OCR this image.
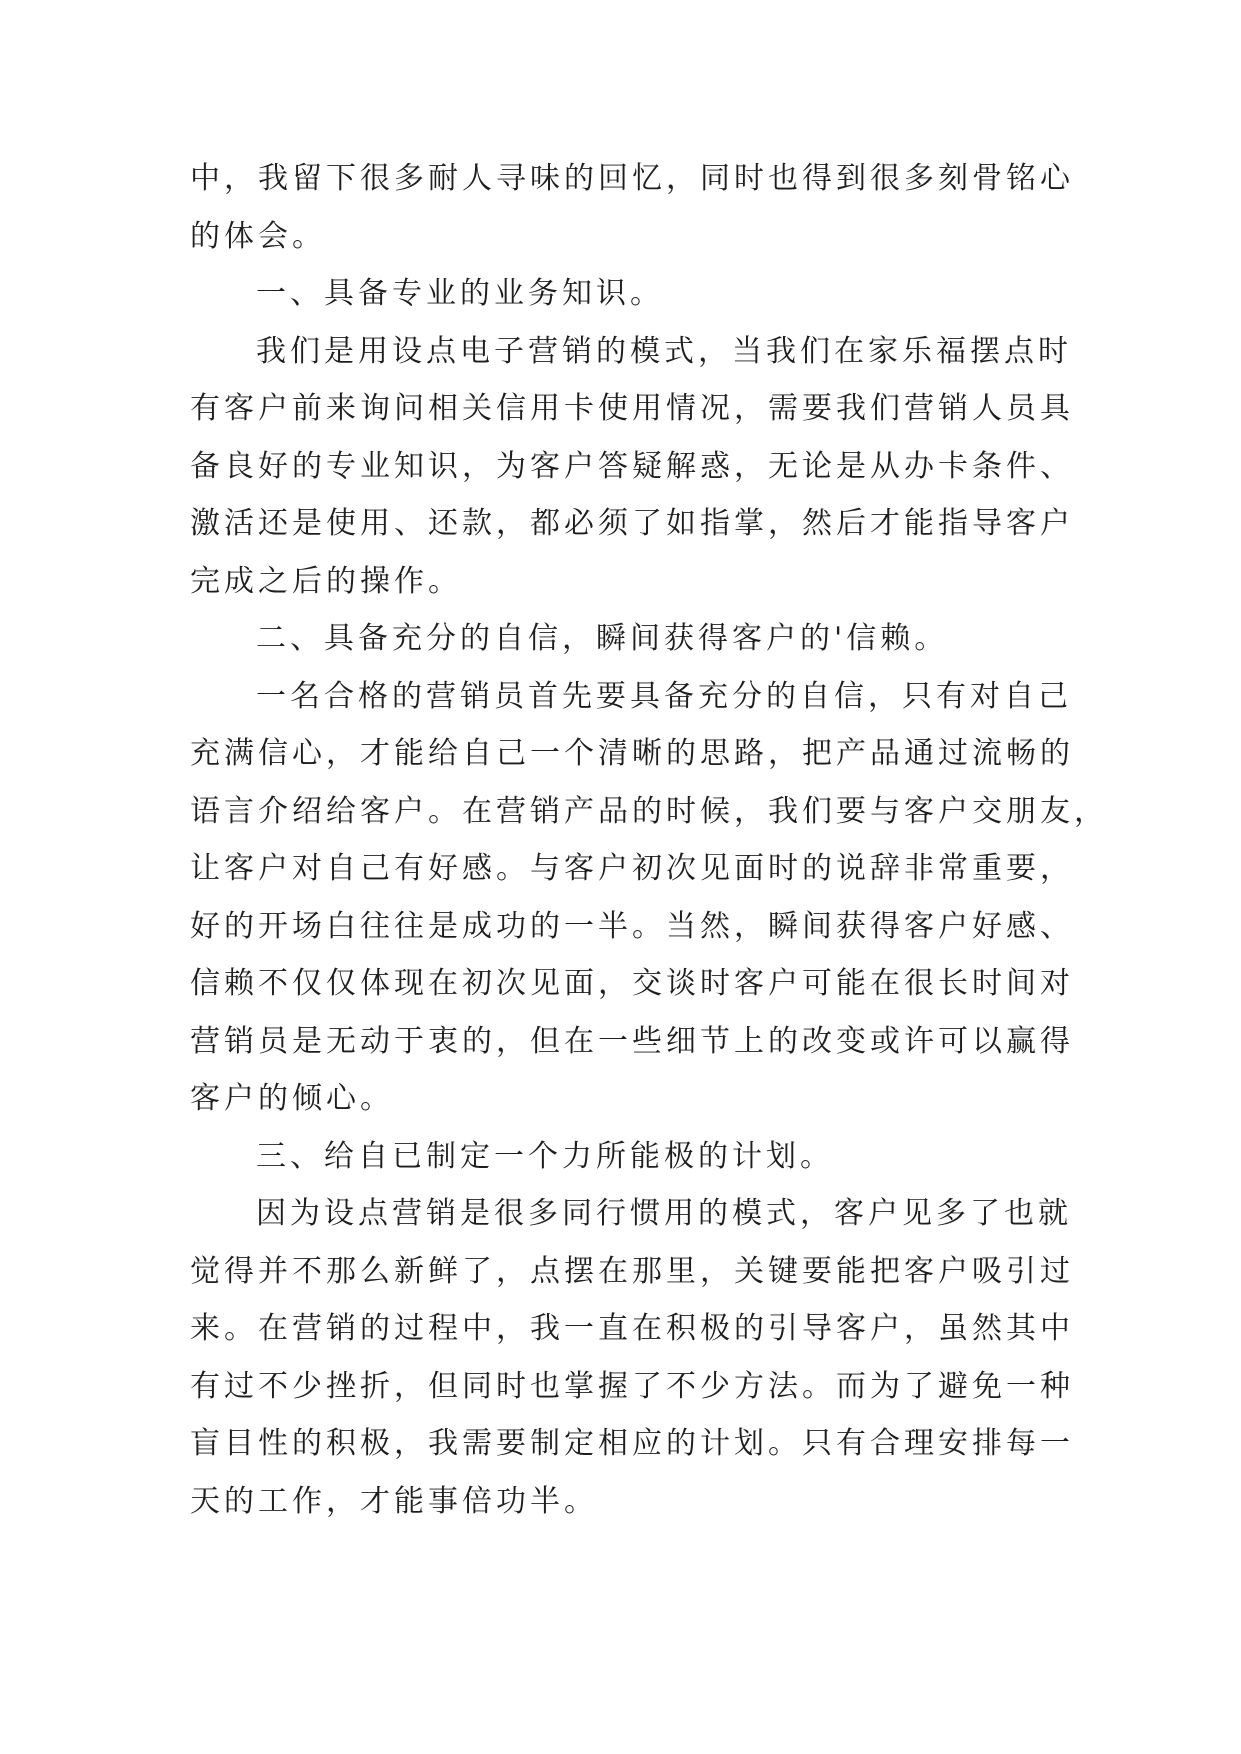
中，我留下很多耐人寻味的回忆，同时也得到很多刻骨铭心
的体会。
一、具备专业的业务知识。
我们是用设点电子营销的模式，当我们在家乐福摆点时
有客户前来询问相关信用卡使用情况，需要我们营销人员具
备良好的专业知识，为客户答疑解惑，无论是从办卡条件、
激活还是使用、还款，都必须了如指掌，然后才能指导客户
完成之后的操作。
二、具备充分的自信，瞬间获得客户的'信赖。
一名合格的营销员首先要具备充分的自信，只有对自己
充满信心，才能给自己一个清晰的思路，把产品通过流畅的
语言介绍给客户。在营销产品的时候，我们要与客户交朋友，
让客户对自己有好感。与客户初次见面时的说辞非常重要，
好的开场白往往是成功的一半。当然，瞬间获得客户好感、
信赖不仅仅体现在初次见面，交谈时客户可能在很长时间对
营销员是无动于衷的，但在一些细节上的改变或许可以赢得
客户的倾心。
三、给自已制定一个力所能极的计划。
因为设点营销是很多同行惯用的模式，客户见多了也就
觉得并不那么新鲜了，点摆在那里，关键要能把客户吸引过
来。在营销的过程中，我一直在积极的引导客户，虽然其中
有过不少挫折，但同时也掌握了不少方法。而为了避免一种
盲目性的积极，我需要制定相应的计划。只有合理安排每一
天的工作，才能事倍功半。
